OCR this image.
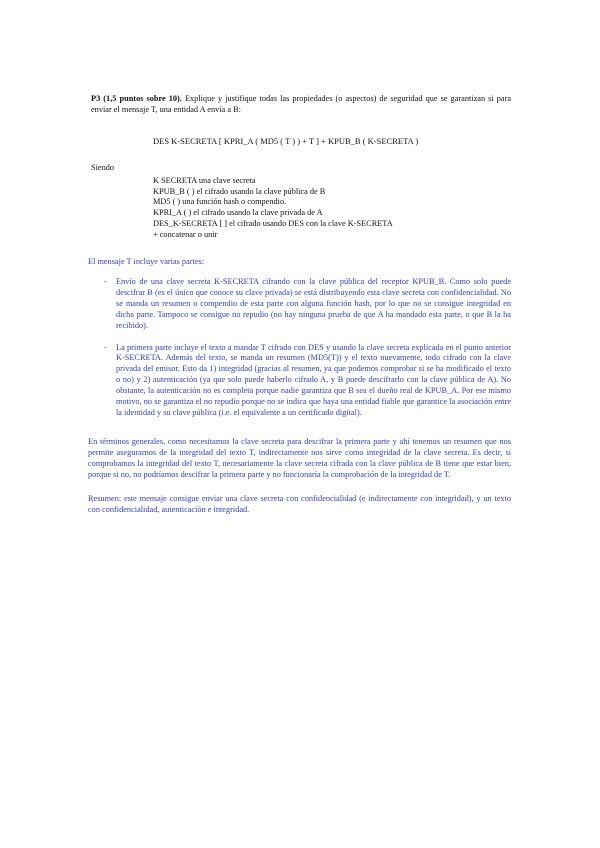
P3 (1,5 puntos sobre 10). Explique y justifique todas las propiedades (o aspectos) de seguridad que se garantizan si para enviar el mensaje T, una entidad A envía a B:

DES K-SECRETA [ KPRI_A ( MD5 ( T ) ) + T ] + KPUB_B ( K-SECRETA )
Siendo
K SECRETA una clave secreta
KPUB_B ( ) el cifrado usando la clave pública de B
MD5 ( ) una función hash o compendio.
KPRI_A ( ) el cifrado usando la clave privada de A
DES_K-SECRETA [ ] el cifrado usando DES con la clave K-SECRETA
+ concatenar o unir
El mensaje T incluye varias partes:
- Envío de una clave secreta K-SECRETA cifrando con la clave pública del receptor KPUB_B. Como solo puede descifrar B (es el único que conoce su clave privada) se está distribuyendo esta clave secreta con confidencialidad. No se manda un resumen o compendio de esta parte con alguna función hash, por lo que no se consigue integridad en dicha parte. Tampoco se consigue no repudio (no hay ninguna prueba de que A ha mandado esta parte, o que B la ha recibido).
- La primera parte incluye el texto a mandar T cifrado con DES y usando la clave secreta explicada en el punto anterior K-SECRETA. Además del texto, se manda un resumen (MD5(T)) y el texto nuevamente, todo cifrado con la clave privada del emisor. Esto da 1) integridad (gracias al resumen, ya que podemos comprobar si se ha modificado el texto o no) y 2) autenticación (ya que solo puede haberlo cifrado A, y B puede descifrarlo con la clave pública de A). No obstante, la autenticación no es completa porque nadie garantiza que B sea el dueño real de KPUB_A. Por ese mismo motivo, no se garantiza el no repudio porque no se indica que haya una entidad fiable que garantice la asociación entre la identidad y su clave pública (i.e. el equivalente a un certificado digital).
En términos generales, como necesitamos la clave secreta para descifrar la primera parte y ahí tenemos un resumen que nos permite asegurarnos de la integridad del texto T, indirectamente nos sirve como integridad de la clave secreta. Es decir, si comprobamos la integridad del texto T, necesariamente la clave secreta cifrada con la clave pública de B tiene que estar bien, porque si no, no podríamos descifrar la primera parte y no funcionaría la comprobación de la integridad de T.
Resumen: este mensaje consigue enviar una clave secreta con confidencialidad (e indirectamente con integridad), y un texto con confidencialidad, autenticación e integridad.
